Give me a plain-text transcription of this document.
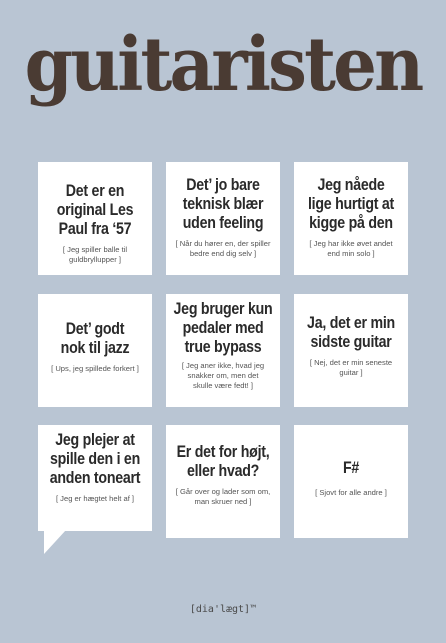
guitaristen
Det er en
original Les
Paul fra ‘57
[ Jeg spiller balle til
guldbryllupper ]
Det’ jo bare
teknisk blær
uden feeling
[ Når du hører en, der spiller
bedre end dig selv ]
Jeg nåede
lige hurtigt at
kigge på den
[ Jeg har ikke øvet andet
end min solo ]
Det’ godt
nok til jazz
[ Ups, jeg spillede forkert ]
Jeg bruger kun
pedaler med
true bypass
[ Jeg aner ikke, hvad jeg
snakker om, men det
skulle være fedt! ]
Ja, det er min
sidste guitar
[ Nej, det er min seneste
guitar ]
Jeg plejer at
spille den i en
anden toneart
[ Jeg er hægtet helt af ]
Er det for højt,
eller hvad?
[ Går over og lader som om,
man skruer ned ]
F#
[ Sjovt for alle andre ]
[dia'lægt]™
